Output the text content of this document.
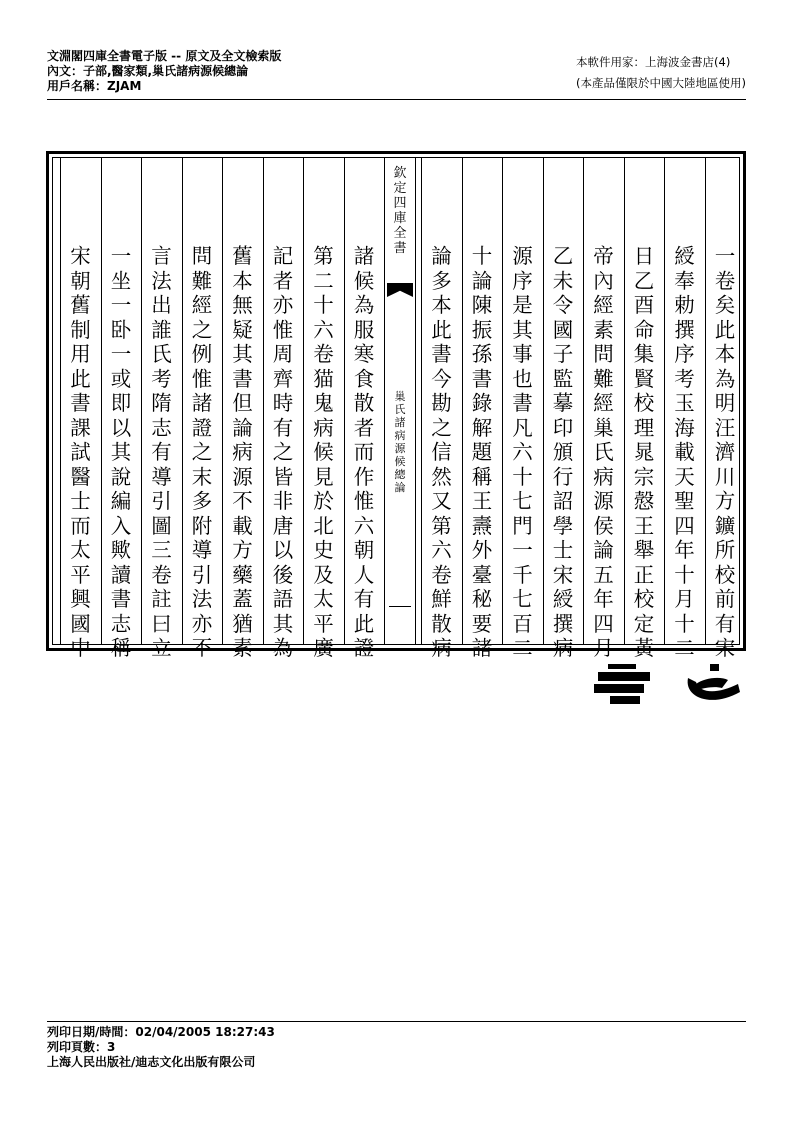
文淵閣四庫全書電子版 -- 原文及全文檢索版
內文：子部,醫家類,巢氏諸病源候總論
用戶名稱：ZJAM
本軟件用家：上海波金書店(4)
(本產品僅限於中國大陸地區使用)
一
卷
矣
此
本
為
明
汪
濟
川
方
鑛
所
校
前
有
宋
綬
奉
勅
撰
序
考
玉
海
載
天
聖
四
年
十
月
十
二
日
乙
酉
命
集
賢
校
理
晁
宗
慤
王
舉
正
校
定
黃
帝
內
經
素
問
難
經
巢
氏
病
源
侯
論
五
年
四
月
乙
未
令
國
子
監
摹
印
頒
行
詔
學
士
宋
綬
撰
病
源
序
是
其
事
也
書
凡
六
十
七
門
一
千
七
百
二
十
論
陳
振
孫
書
錄
解
題
稱
王
燾
外
臺
秘
要
諸
論
多
本
此
書
今
勘
之
信
然
又
第
六
卷
鮮
散
病
諸
候
為
服
寒
食
散
者
而
作
惟
六
朝
人
有
此
證
第
二
十
六
卷
猫
鬼
病
候
見
於
北
史
及
太
平
廣
記
者
亦
惟
周
齊
時
有
之
皆
非
唐
以
後
語
其
為
舊
本
無
疑
其
書
但
論
病
源
不
載
方
藥
蓋
猶
素
問
難
經
之
例
惟
諸
證
之
末
多
附
導
引
法
亦
不
言
法
出
誰
氏
考
隋
志
有
導
引
圖
三
卷
註
曰
立
一
坐
一
卧
一
或
即
以
其
說
編
入
歟
讀
書
志
稱
宋
朝
舊
制
用
此
書
課
試
醫
士
而
太
平
興
國
中
欽
定
四
庫
全
書
巢
氏
諸
病
源
候
總
論
列印日期/時間：02/04/2005 18:27:43
列印頁數：3
上海人民出版社/迪志文化出版有限公司
